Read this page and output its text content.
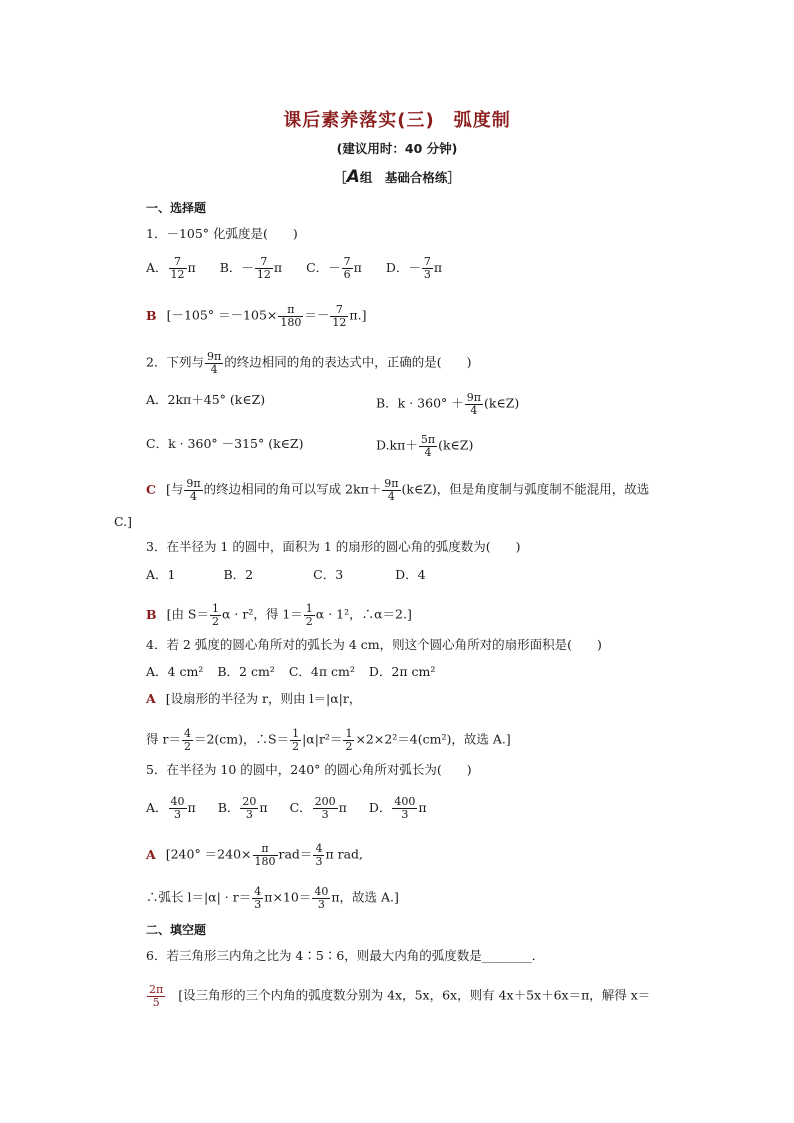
课后素养落实(三)　弧度制
(建议用时：40 分钟)
［A组　基础合格练］
一、选择题
1．－105° 化弧度是(　　)
A． $\frac{7}{12}$ π B．－ $\frac{7}{12}$ π C．－ $\frac{7}{6}$ π D．－ $\frac{7}{3}$ π
B $[-105^\circ =-105\times \frac{\pi}{180} =- \frac{7}{12} \pi.]$
2．下列与 $\frac{9\pi}{4}$ 的终边相同的角的表达式中，正确的是(　　)
A．2kπ＋45° (k∈Z)	B．$k \cdot 360^\circ + \frac{9\pi}{4}$ (k∈Z)
C．k · 360° －315° (k∈Z)	$D.k\pi+ \frac{5\pi}{4}$ (k∈Z)
C [与 $\frac{9\pi}{4}$ 的终边相同的角可以写成 $2k\pi+ \frac{9\pi}{4}$ (k∈Z)，但是角度制与弧度制不能混用，故选
C.]
3．在半径为 1 的圆中，面积为 1 的扇形的圆心角的弧度数为(　　)
A．1	B．2	C．3	D．4
B [由 $S= \frac{1}{2}$ α · r²，得 $1= \frac{1}{2}$ α · 1²，∴α＝2.]
4．若 2 弧度的圆心角所对的弧长为 4 cm，则这个圆心角所对的扇形面积是(　　)
A．4 cm² B．2 cm² C．4π cm² D．2π cm²
A [设扇形的半径为 r，则由 l＝|α|r，
得 $r= \frac{4}{2} =2(cm)$，∴S＝ $\frac{1}{2} |\alpha|r^2= \frac{1}{2} \times 2\times 2^2=4(cm^2)$，故选 A.]
5．在半径为 10 的圆中，240° 的圆心角所对弧长为(　　)
A． $\frac{40}{3}$ π B． $\frac{20}{3}$ π C． $\frac{200}{3}$ π D． $\frac{400}{3}$ π
A [$240^\circ =240\times \frac{\pi}{180} rad= \frac{4}{3}$ π rad,
∴弧长 $l=|\alpha| \cdot r= \frac{4}{3} \pi\times 10= \frac{40}{3}$ π，故选 A.]
二、填空题
6．若三角形三内角之比为 4∶5∶6，则最大内角的弧度数是________．
$\frac{2\pi}{5}$ [设三角形的三个内角的弧度数分别为 4x，5x，6x，则有 4x＋5x＋6x＝π，解得 x＝
